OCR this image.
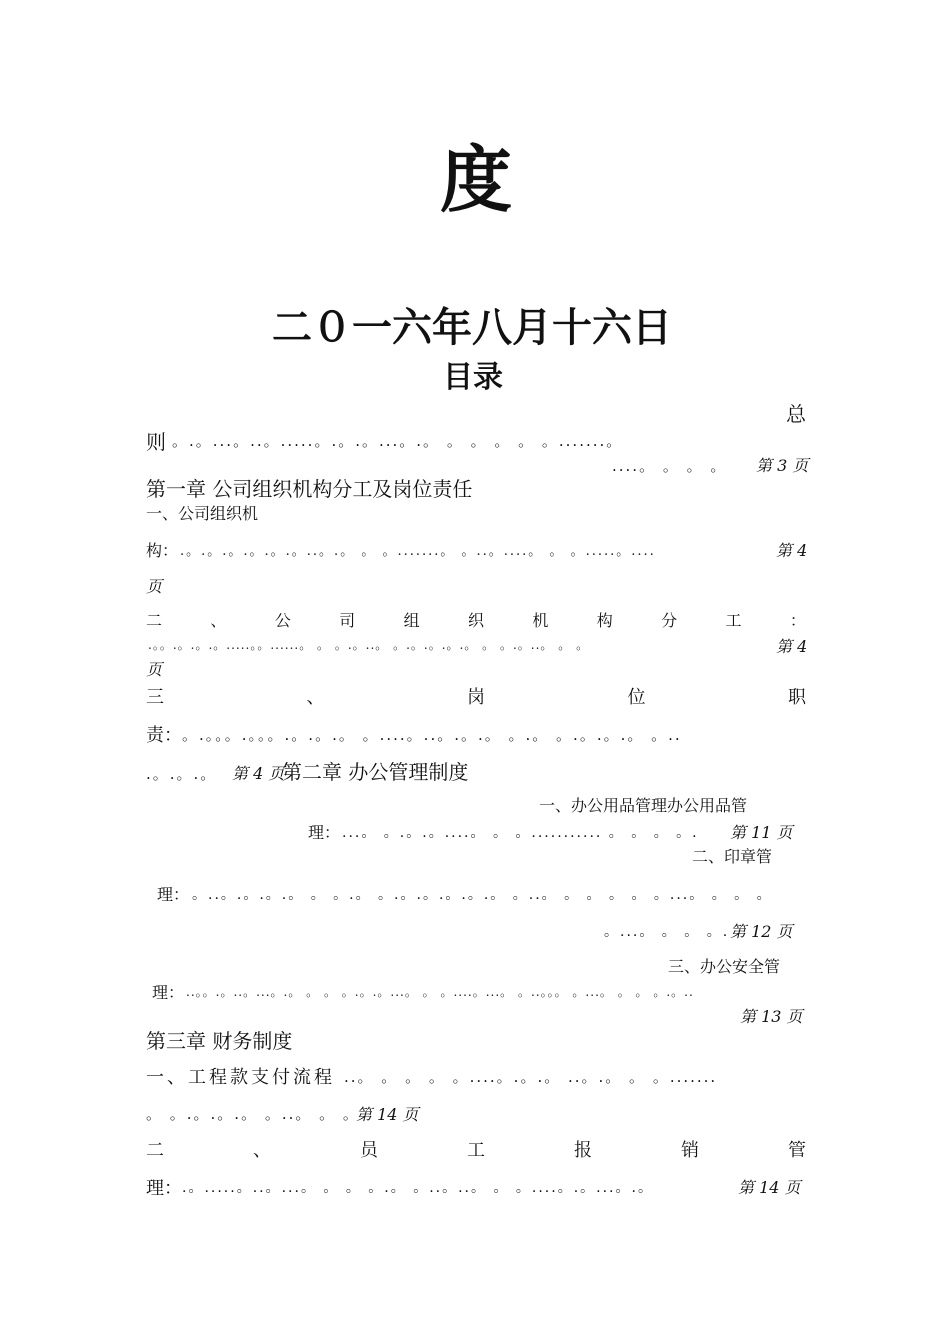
度
二０一六年八月十六日
目录
总
则 。.。...。..。.....。.。.。...。.。 。 。 。 。 。.......。
....。 。 。 。 第 3 页
第一章 公司组织机构分工及岗位责任
一、公司组织机
构： .。.。.。.。.。.。..。.。 。 。.......。 。..。....。 。 。.....。....	第 4
页
二	、	公	司	组	织	机	构	分	工	：
.。。.。.。.。.....。。......。 。 。.。..。 。.。.。.。.。 。 。.。..。 。 。	第 4
页
三	、	岗	位	职
责： 。.。。。.。。。.。.。.。 。....。..。.。.。 。.。 。.。.。.。 。..
.。.。.。 第 4 页
第二章 办公管理制度
一、办公用品管理办公用品管
理： ...。 。.。.。....。 。 。........... 。 。 。 。. 第 11 页
二、印章管
理： 。..。.。.。.。 。 。.。 。.。.。.。.。.。 。..。 。 。 。 。 。...。 。 。 。
。...。 。 。 。. 第 12 页
三、办公安全管
理： ..。。.。..。...。.。 。 。 。.。.。...。 。 。....。...。 。..。。。 。...。 。 。 。.。..
第 13 页
第三章 财务制度
一、工程款支付流程 ..。 。 。 。 。....。.。.。 ..。.。 。 。.......
。 。.。.。.。 。..。 。 。
第 14 页
二	、	员	工	报	销	管
理： .。.....。..。...。 。 。 。.。 。..。..。 。 。....。.。...。.。	第 14 页
